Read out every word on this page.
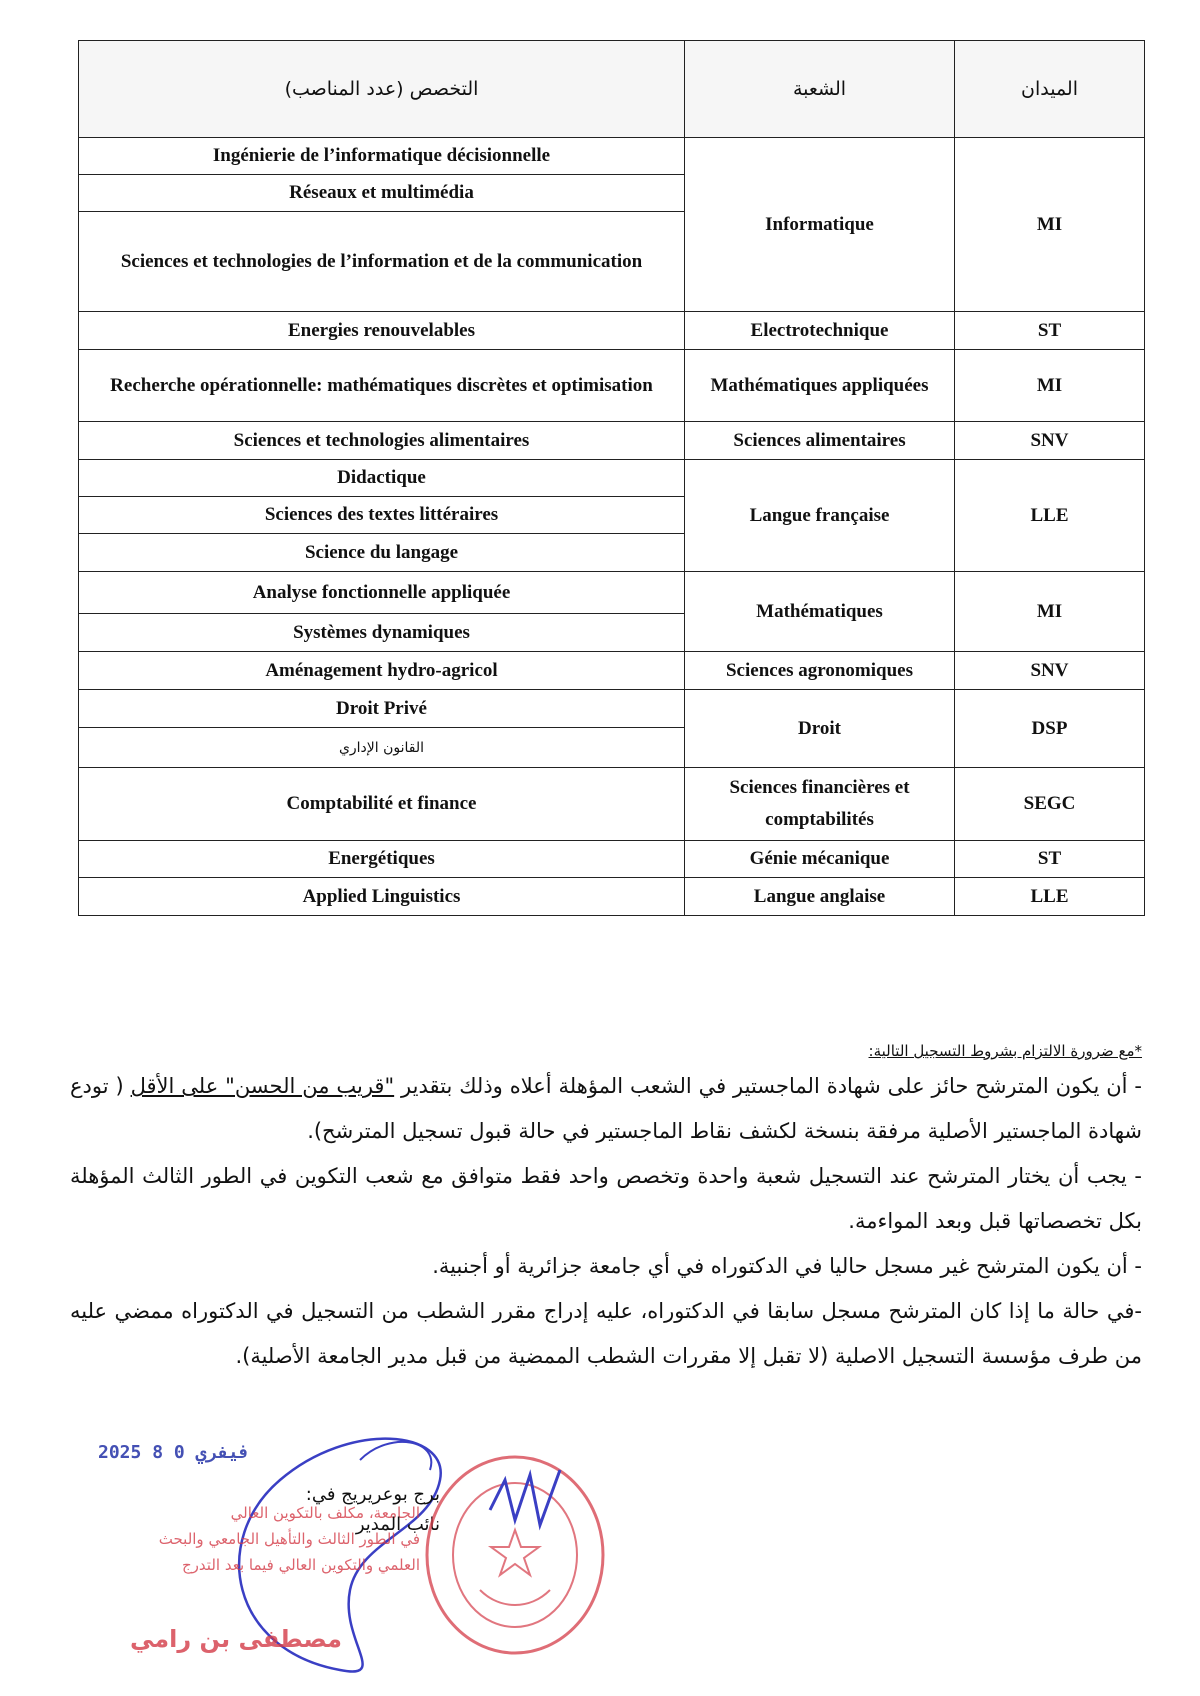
التخصص (عدد المناصب)	الشعبة	الميدان
Ingénierie de l’informatique décisionnelle	Informatique	MI
Réseaux et multimédia		
Sciences et technologies de l’information et de la communication		
Energies renouvelables	Electrotechnique	ST
Recherche opérationnelle: mathématiques discrètes et optimisation	Mathématiques appliquées	MI
Sciences et technologies alimentaires	Sciences alimentaires	SNV
Didactique	Langue française	LLE
Sciences des textes littéraires		
Science du langage		
Analyse fonctionnelle appliquée	Mathématiques	MI
Systèmes dynamiques		
Aménagement hydro-agricol	Sciences agronomiques	SNV
Droit Privé	Droit	DSP
القانون الإداري		
Comptabilité et finance	Sciences financières et comptabilités	SEGC
Energétiques	Génie mécanique	ST
Applied Linguistics	Langue anglaise	LLE
*مع ضرورة الالتزام بشروط التسجيل التالية:

- أن يكون المترشح حائز على شهادة الماجستير في الشعب المؤهلة أعلاه وذلك بتقدير "قريب من الحسن" على الأقل ( تودع شهادة الماجستير الأصلية مرفقة بنسخة لكشف نقاط الماجستير في حالة قبول تسجيل المترشح).

- يجب أن يختار المترشح عند التسجيل شعبة واحدة وتخصص واحد فقط متوافق مع شعب التكوين في الطور الثالث المؤهلة بكل تخصصاتها قبل وبعد المواءمة.

- أن يكون المترشح غير مسجل حاليا في الدكتوراه في أي جامعة جزائرية أو أجنبية.

-في حالة ما إذا كان المترشح مسجل سابقا في الدكتوراه، عليه إدراج مقرر الشطب من التسجيل في الدكتوراه ممضي عليه من طرف مؤسسة التسجيل الاصلية (لا تقبل إلا مقررات الشطب الممضية من قبل مدير الجامعة الأصلية).

2025 فيفري 0 8
الجامعة، مكلف بالتكوين العالي
في الطور الثالث والتأهيل الجامعي والبحث
العلمي والتكوين العالي فيما بعد التدرج
برج بوعريريج في:
نائب المدير
مصطفى بن رامي
